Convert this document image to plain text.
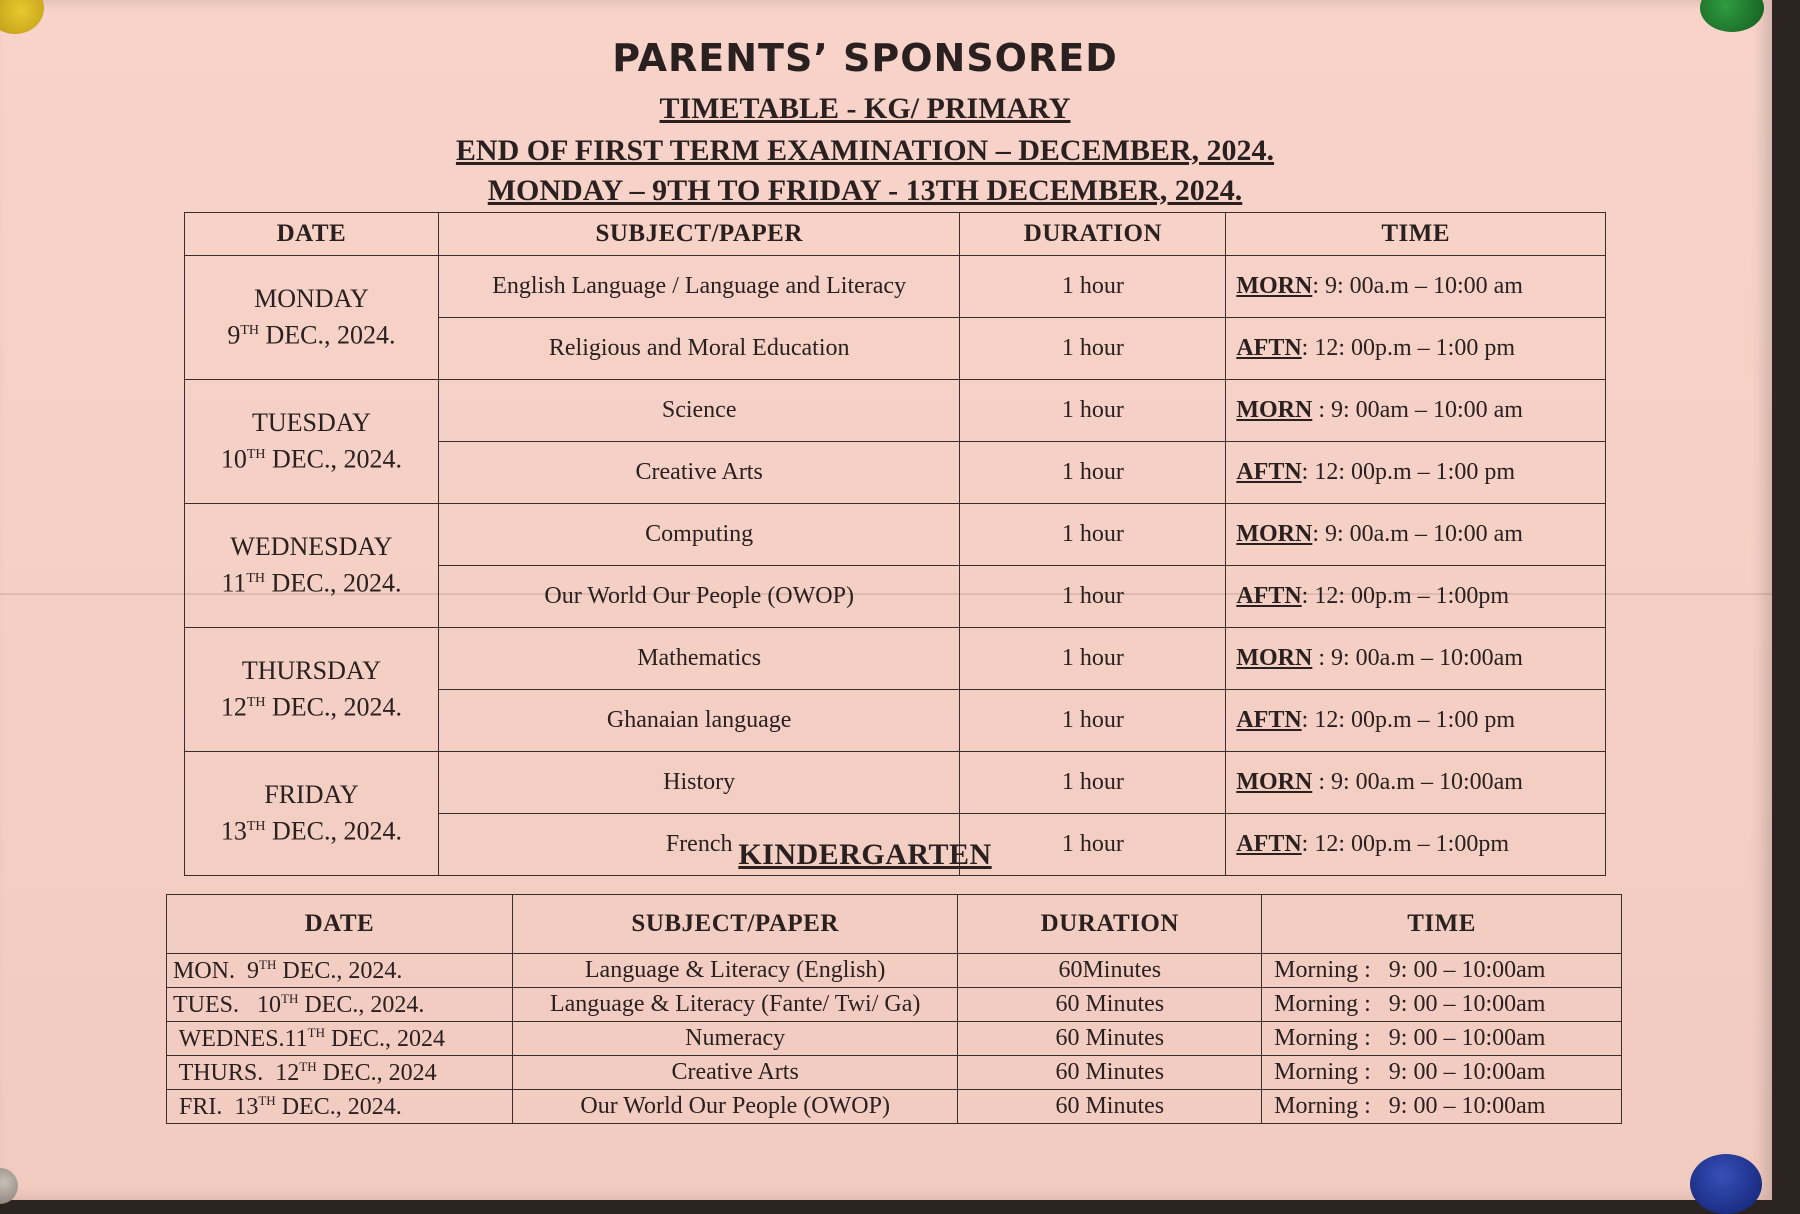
PARENTS’ SPONSORED
TIMETABLE - KG/ PRIMARY
END OF FIRST TERM EXAMINATION – DECEMBER, 2024.
MONDAY – 9TH TO FRIDAY - 13TH DECEMBER, 2024.
DATE	SUBJECT/PAPER	DURATION	TIME

MONDAY
9TH DEC., 2024.	English Language / Language and Literacy	1 hour	MORN: 9: 00a.m – 10:00 am
	Religious and Moral Education	1 hour	AFTN: 12: 00p.m – 1:00 pm

TUESDAY
10TH DEC., 2024.	Science	1 hour	MORN : 9: 00am – 10:00 am
	Creative Arts	1 hour	AFTN: 12: 00p.m – 1:00 pm

WEDNESDAY
11TH DEC., 2024.	Computing	1 hour	MORN: 9: 00a.m – 10:00 am
	Our World Our People (OWOP)	1 hour	AFTN: 12: 00p.m – 1:00pm

THURSDAY
12TH DEC., 2024.	Mathematics	1 hour	MORN : 9: 00a.m – 10:00am
	Ghanaian language	1 hour	AFTN: 12: 00p.m – 1:00 pm

FRIDAY
13TH DEC., 2024.	History	1 hour	MORN : 9: 00a.m – 10:00am
	French	1 hour	AFTN: 12: 00p.m – 1:00pm
KINDERGARTEN
DATE	SUBJECT/PAPER	DURATION	TIME
MON.  9TH DEC., 2024.	Language & Literacy (English)	60Minutes	Morning : 9: 00 – 10:00am
TUES.   10TH DEC., 2024.	Language & Literacy (Fante/ Twi/ Ga)	60 Minutes	Morning : 9: 00 – 10:00am
WEDNES.11TH DEC., 2024	Numeracy	60 Minutes	Morning : 9: 00 – 10:00am
THURS.  12TH DEC., 2024	Creative Arts	60 Minutes	Morning : 9: 00 – 10:00am
FRI.  13TH DEC., 2024.	Our World Our People (OWOP)	60 Minutes	Morning : 9: 00 – 10:00am
